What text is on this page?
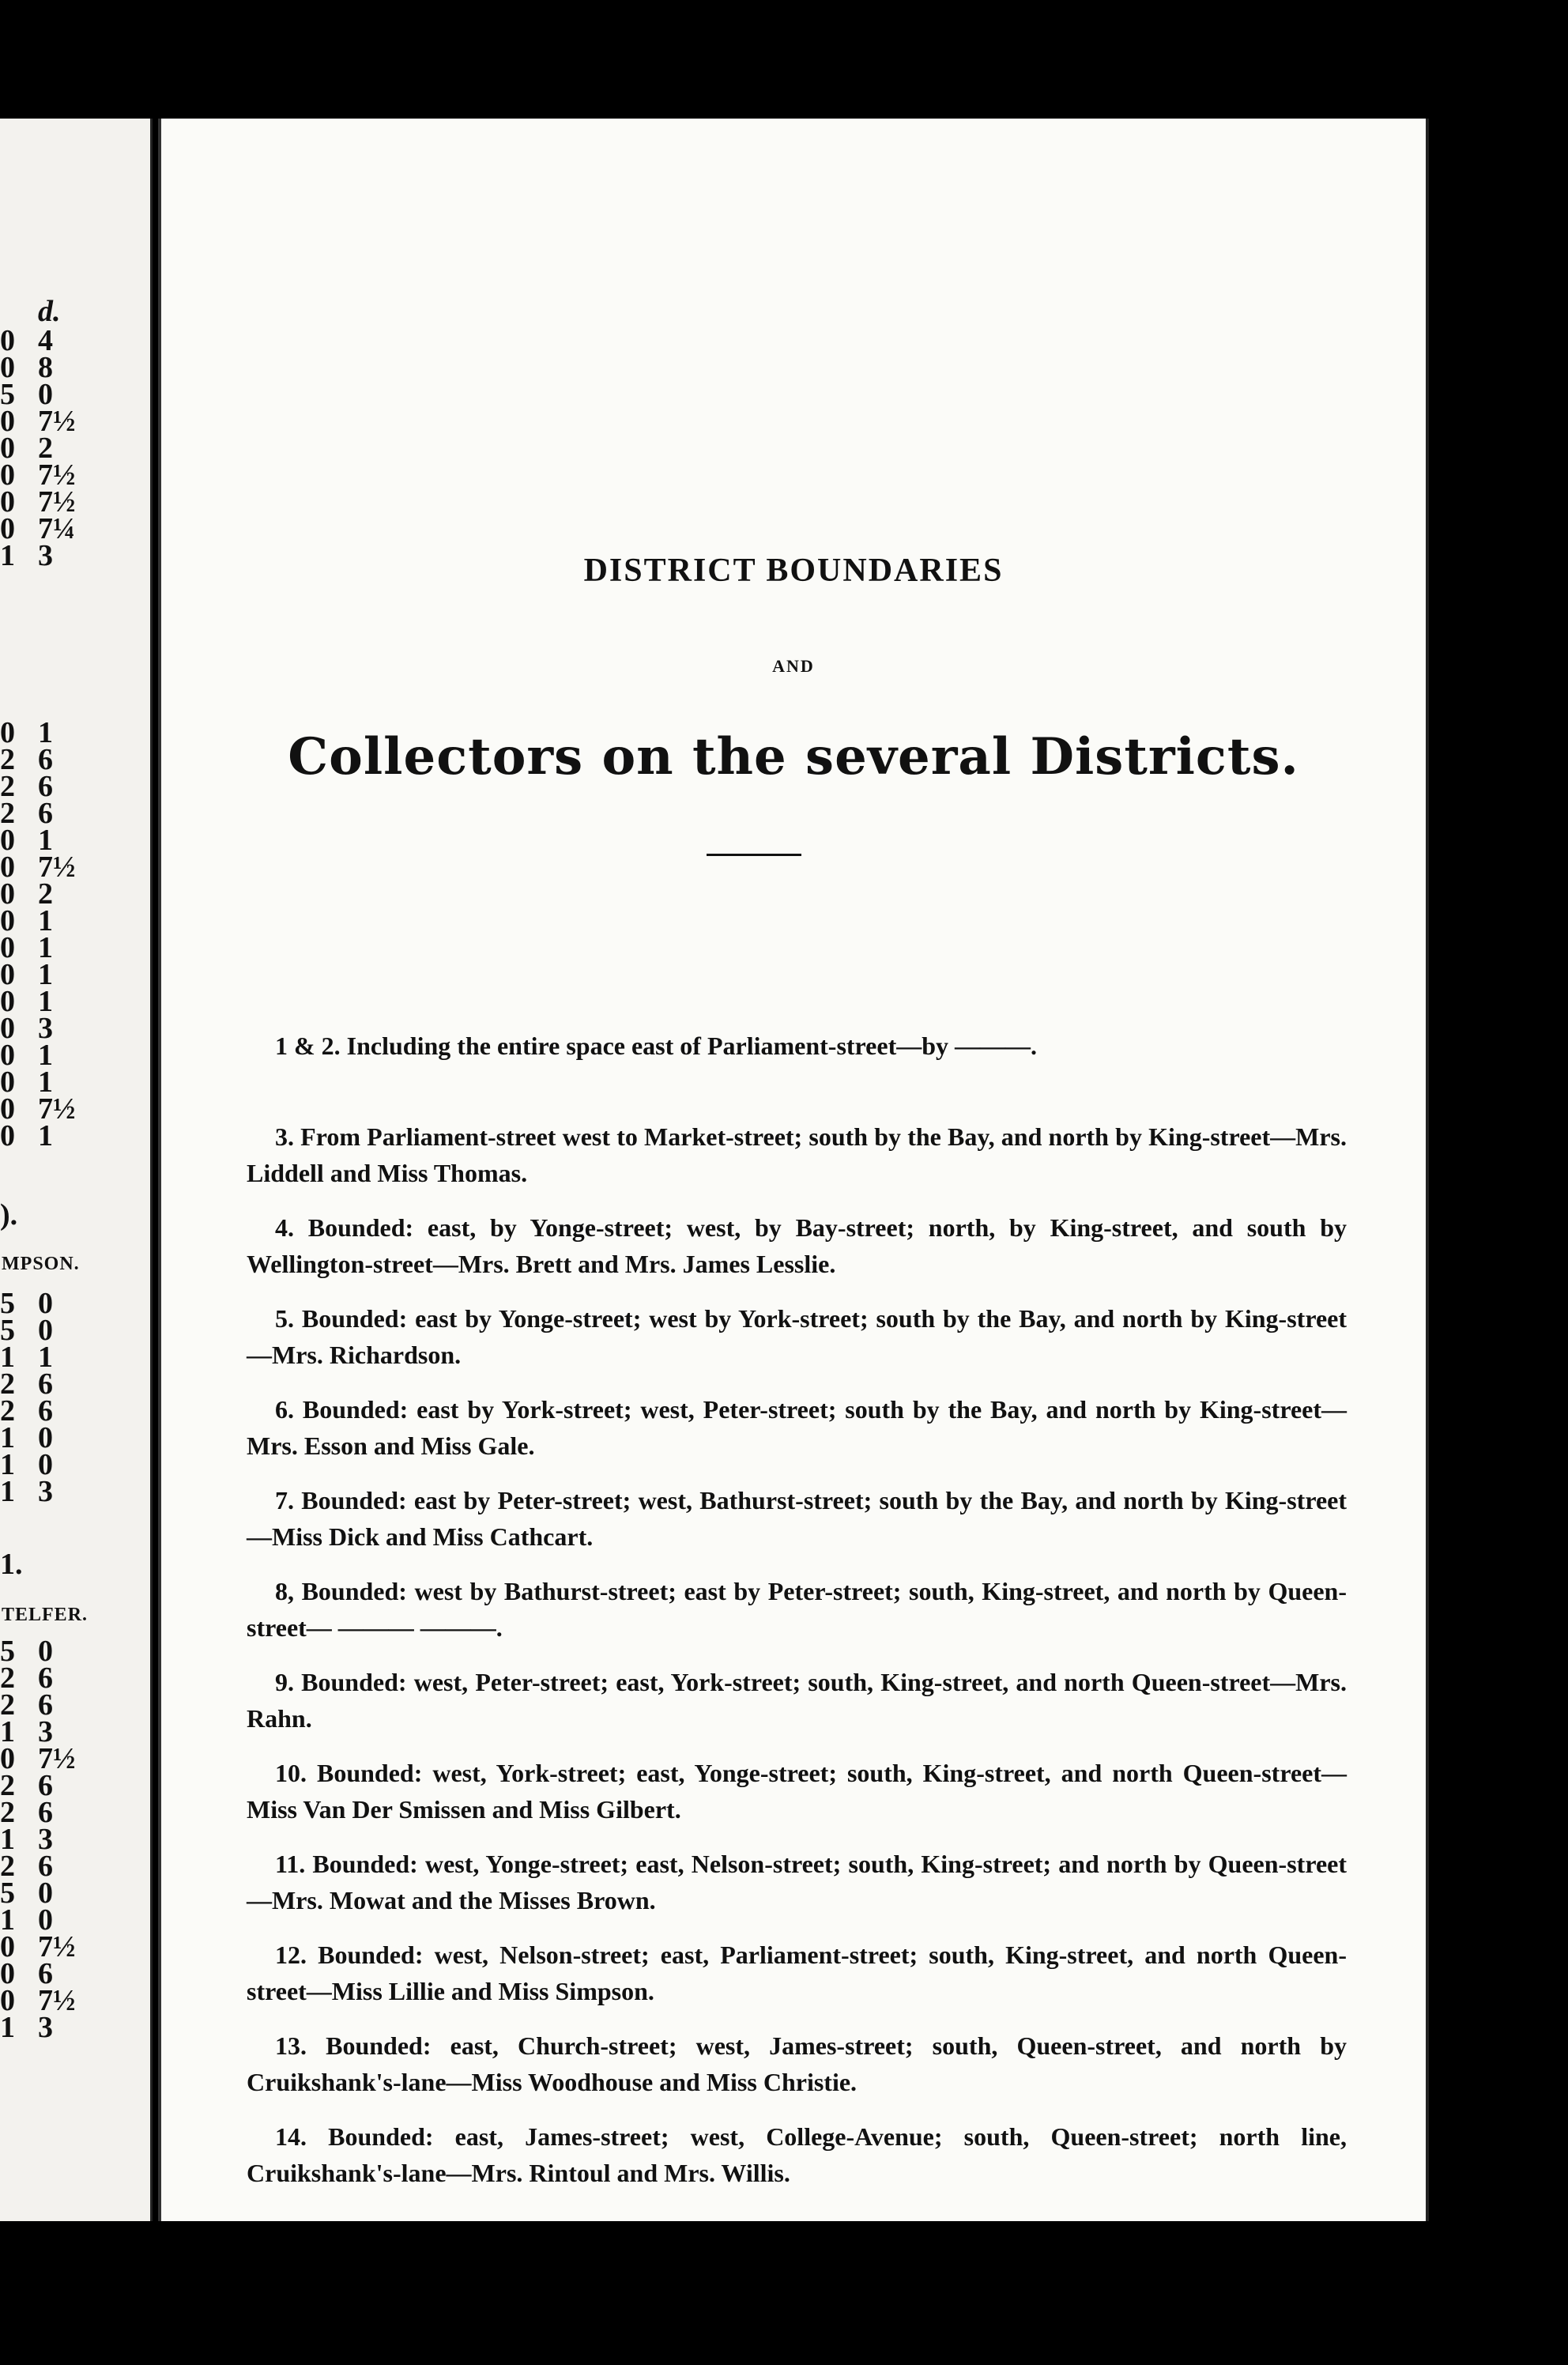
d.
0 4
0 8
5 0
0 7½
0 2
0 7½
0 7½
0 7¼
1 3
0 1
2 6
2 6
2 6
0 1
0 7½
0 2
0 1
0 1
0 1
0 1
0 3
0 1
0 1
0 7½
0 1
).
MPSON.
5 0
5 0
1 1
2 6
2 6
1 0
1 0
1 3
1.
TELFER.
5 0
2 6
2 6
1 3
0 7½
2 6
2 6
1 3
2 6
5 0
1 0
0 7½
0 6
0 7½
1 3
DISTRICT BOUNDARIES
AND
Collectors on the several Districts.
1 & 2. Including the entire space east of Parliament-street—by ———.
3. From Parliament-street west to Market-street; south by the Bay, and north by King-street—Mrs. Liddell and Miss Thomas.
4. Bounded: east, by Yonge-street; west, by Bay-street; north, by King-street, and south by Wellington-street—Mrs. Brett and Mrs. James Lesslie.
5. Bounded: east by Yonge-street; west by York-street; south by the Bay, and north by King-street—Mrs. Richardson.
6. Bounded: east by York-street; west, Peter-street; south by the Bay, and north by King-street—Mrs. Esson and Miss Gale.
7. Bounded: east by Peter-street; west, Bathurst-street; south by the Bay, and north by King-street—Miss Dick and Miss Cathcart.
8, Bounded: west by Bathurst-street; east by Peter-street; south, King-street, and north by Queen-street— ——— ———.
9. Bounded: west, Peter-street; east, York-street; south, King-street, and north Queen-street—Mrs. Rahn.
10. Bounded: west, York-street; east, Yonge-street; south, King-street, and north Queen-street—Miss Van Der Smissen and Miss Gilbert.
11. Bounded: west, Yonge-street; east, Nelson-street; south, King-street; and north by Queen-street—Mrs. Mowat and the Misses Brown.
12. Bounded: west, Nelson-street; east, Parliament-street; south, King-street, and north Queen-street—Miss Lillie and Miss Simpson.
13. Bounded: east, Church-street; west, James-street; south, Queen-street, and north by Cruikshank's-lane—Miss Woodhouse and Miss Christie.
14. Bounded: east, James-street; west, College-Avenue; south, Queen-street; north line, Cruikshank's-lane—Mrs. Rintoul and Mrs. Willis.
